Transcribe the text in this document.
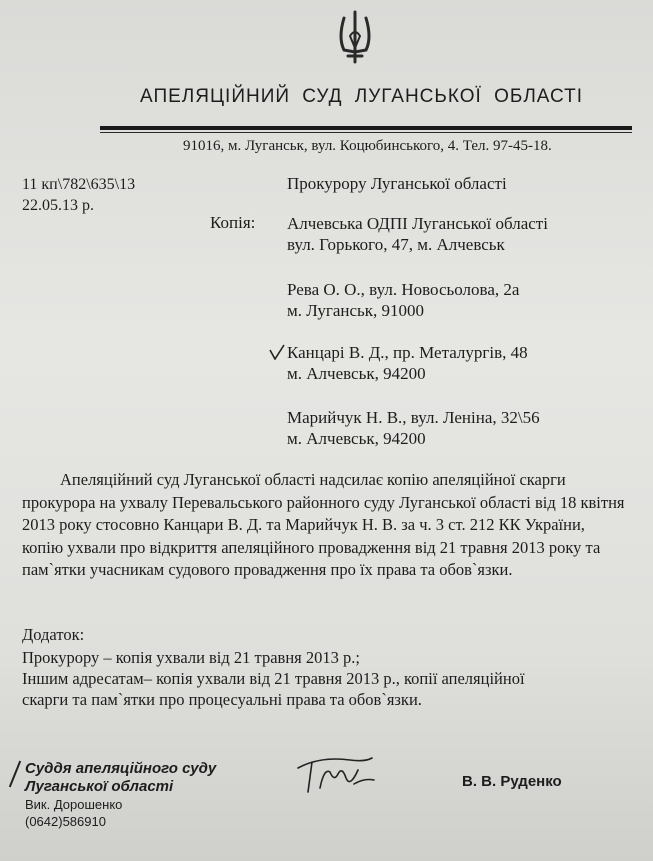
АПЕЛЯЦІЙНИЙ СУД ЛУГАНСЬКОЇ ОБЛАСТІ
91016, м. Луганськ, вул. Коцюбинського, 4. Тел. 97-45-18.
11 кп\782\635\13
22.05.13 р.
Прокурору Луганської області
Копія: Алчевська ОДПІ Луганської області
вул. Горького, 47, м. Алчевськ
Рева О. О., вул. Новосьолова, 2а
м. Луганськ, 91000
Канцарі В. Д., пр. Металургів, 48
м. Алчевськ, 94200
Марийчук Н. В., вул. Леніна, 32\56
м. Алчевськ, 94200
Апеляційний суд Луганської області надсилає копію апеляційної скарги прокурора на ухвалу Перевальського районного суду Луганської області від 18 квітня 2013 року стосовно Канцари В. Д. та Марийчук Н. В. за ч. 3 ст. 212 КК України, копію ухвали про відкриття апеляційного провадження від 21 травня 2013 року та пам`ятки учасникам судового провадження про їх права та обов`язки.
Додаток:
Прокурору – копія ухвали від 21 травня 2013 р.;
Іншим адресатам– копія ухвали від 21 травня 2013 р., копії апеляційної
скарги та пам`ятки про процесуальні права та обов`язки.
Суддя апеляційного суду
Луганської області
Вик. Дорошенко
(0642)586910
В. В. Руденко
